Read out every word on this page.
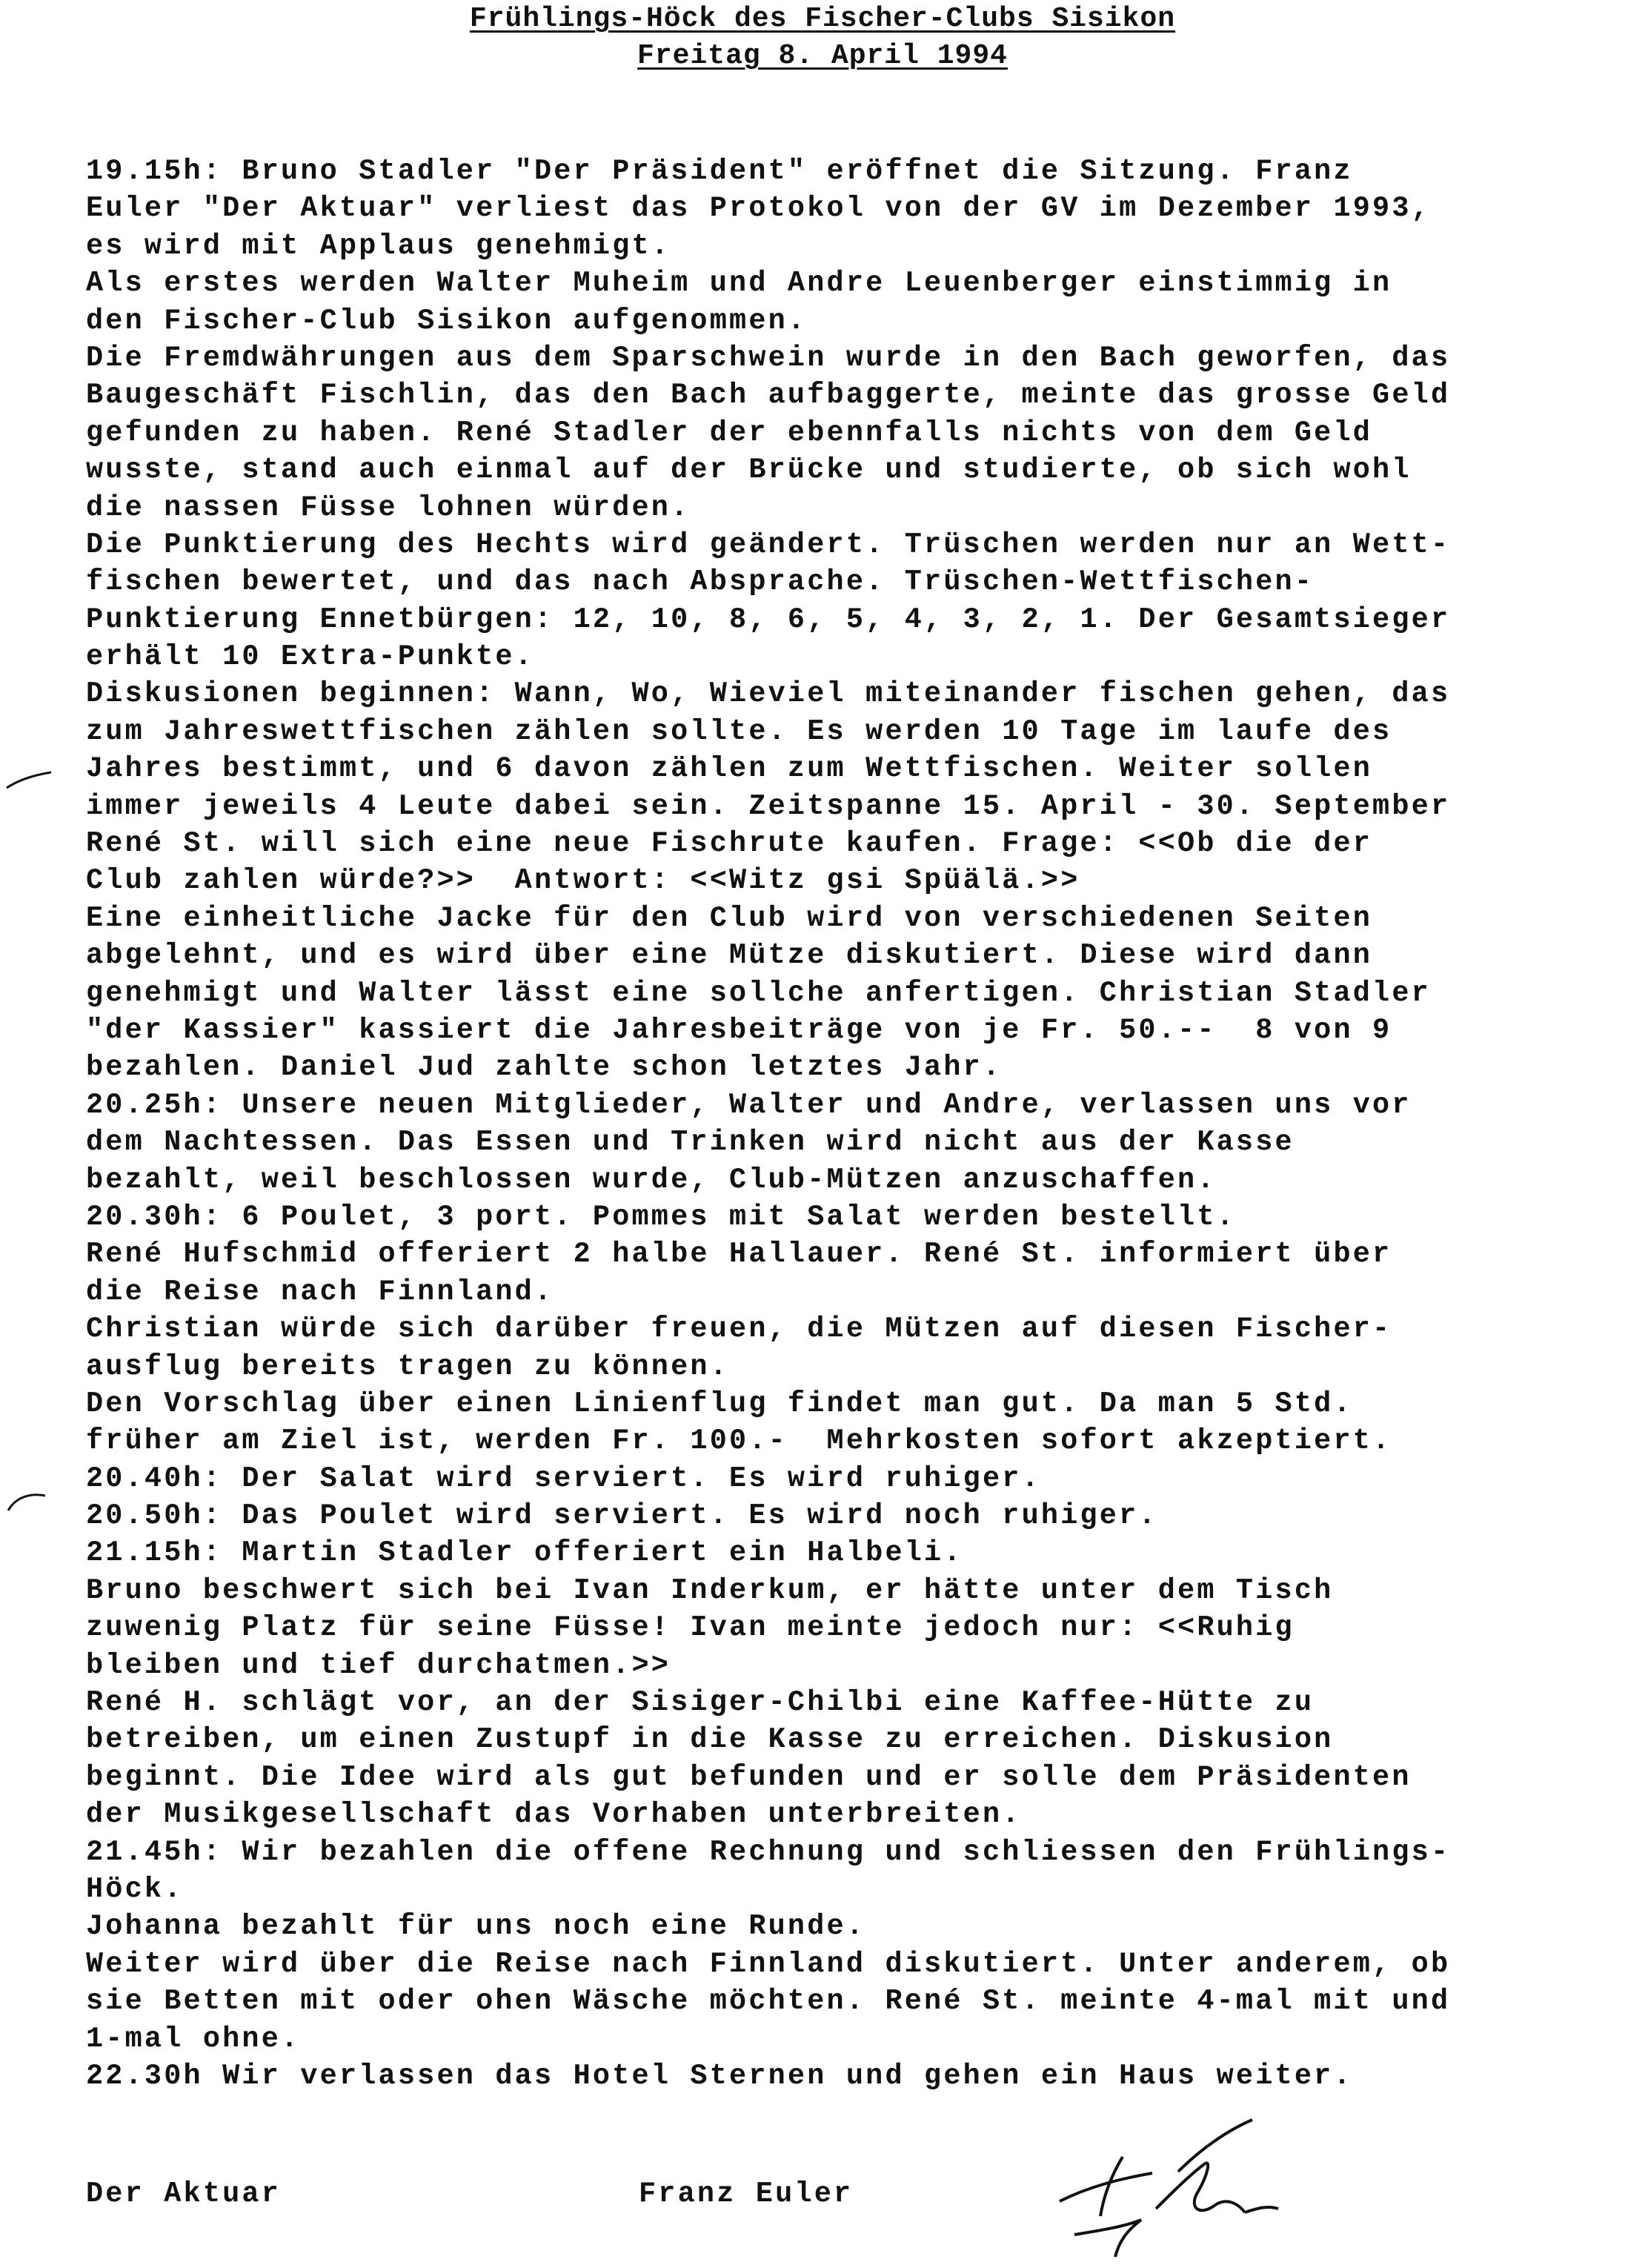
Frühlings-Höck des Fischer-Clubs Sisikon
Freitag 8. April 1994
19.15h: Bruno Stadler "Der Präsident" eröffnet die Sitzung. Franz
Euler "Der Aktuar" verliest das Protokol von der GV im Dezember 1993,
es wird mit Applaus genehmigt.
Als erstes werden Walter Muheim und Andre Leuenberger einstimmig in
den Fischer-Club Sisikon aufgenommen.
Die Fremdwährungen aus dem Sparschwein wurde in den Bach geworfen, das
Baugeschäft Fischlin, das den Bach aufbaggerte, meinte das grosse Geld
gefunden zu haben. René Stadler der ebennfalls nichts von dem Geld
wusste, stand auch einmal auf der Brücke und studierte, ob sich wohl
die nassen Füsse lohnen würden.
Die Punktierung des Hechts wird geändert. Trüschen werden nur an Wett-
fischen bewertet, und das nach Absprache. Trüschen-Wettfischen-
Punktierung Ennetbürgen: 12, 10, 8, 6, 5, 4, 3, 2, 1. Der Gesamtsieger
erhält 10 Extra-Punkte.
Diskusionen beginnen: Wann, Wo, Wieviel miteinander fischen gehen, das
zum Jahreswettfischen zählen sollte. Es werden 10 Tage im laufe des
Jahres bestimmt, und 6 davon zählen zum Wettfischen. Weiter sollen
immer jeweils 4 Leute dabei sein. Zeitspanne 15. April - 30. September
René St. will sich eine neue Fischrute kaufen. Frage: <<Ob die der
Club zahlen würde?>>  Antwort: <<Witz gsi Spüälä.>>
Eine einheitliche Jacke für den Club wird von verschiedenen Seiten
abgelehnt, und es wird über eine Mütze diskutiert. Diese wird dann
genehmigt und Walter lässt eine sollche anfertigen. Christian Stadler
"der Kassier" kassiert die Jahresbeiträge von je Fr. 50.--  8 von 9
bezahlen. Daniel Jud zahlte schon letztes Jahr.
20.25h: Unsere neuen Mitglieder, Walter und Andre, verlassen uns vor
dem Nachtessen. Das Essen und Trinken wird nicht aus der Kasse
bezahlt, weil beschlossen wurde, Club-Mützen anzuschaffen.
20.30h: 6 Poulet, 3 port. Pommes mit Salat werden bestellt.
René Hufschmid offeriert 2 halbe Hallauer. René St. informiert über
die Reise nach Finnland.
Christian würde sich darüber freuen, die Mützen auf diesen Fischer-
ausflug bereits tragen zu können.
Den Vorschlag über einen Linienflug findet man gut. Da man 5 Std.
früher am Ziel ist, werden Fr. 100.-  Mehrkosten sofort akzeptiert.
20.40h: Der Salat wird serviert. Es wird ruhiger.
20.50h: Das Poulet wird serviert. Es wird noch ruhiger.
21.15h: Martin Stadler offeriert ein Halbeli.
Bruno beschwert sich bei Ivan Inderkum, er hätte unter dem Tisch
zuwenig Platz für seine Füsse! Ivan meinte jedoch nur: <<Ruhig
bleiben und tief durchatmen.>>
René H. schlägt vor, an der Sisiger-Chilbi eine Kaffee-Hütte zu
betreiben, um einen Zustupf in die Kasse zu erreichen. Diskusion
beginnt. Die Idee wird als gut befunden und er solle dem Präsidenten
der Musikgesellschaft das Vorhaben unterbreiten.
21.45h: Wir bezahlen die offene Rechnung und schliessen den Frühlings-
Höck.
Johanna bezahlt für uns noch eine Runde.
Weiter wird über die Reise nach Finnland diskutiert. Unter anderem, ob
sie Betten mit oder ohen Wäsche möchten. René St. meinte 4-mal mit und
1-mal ohne.
22.30h Wir verlassen das Hotel Sternen und gehen ein Haus weiter.
Der Aktuar	Franz Euler
